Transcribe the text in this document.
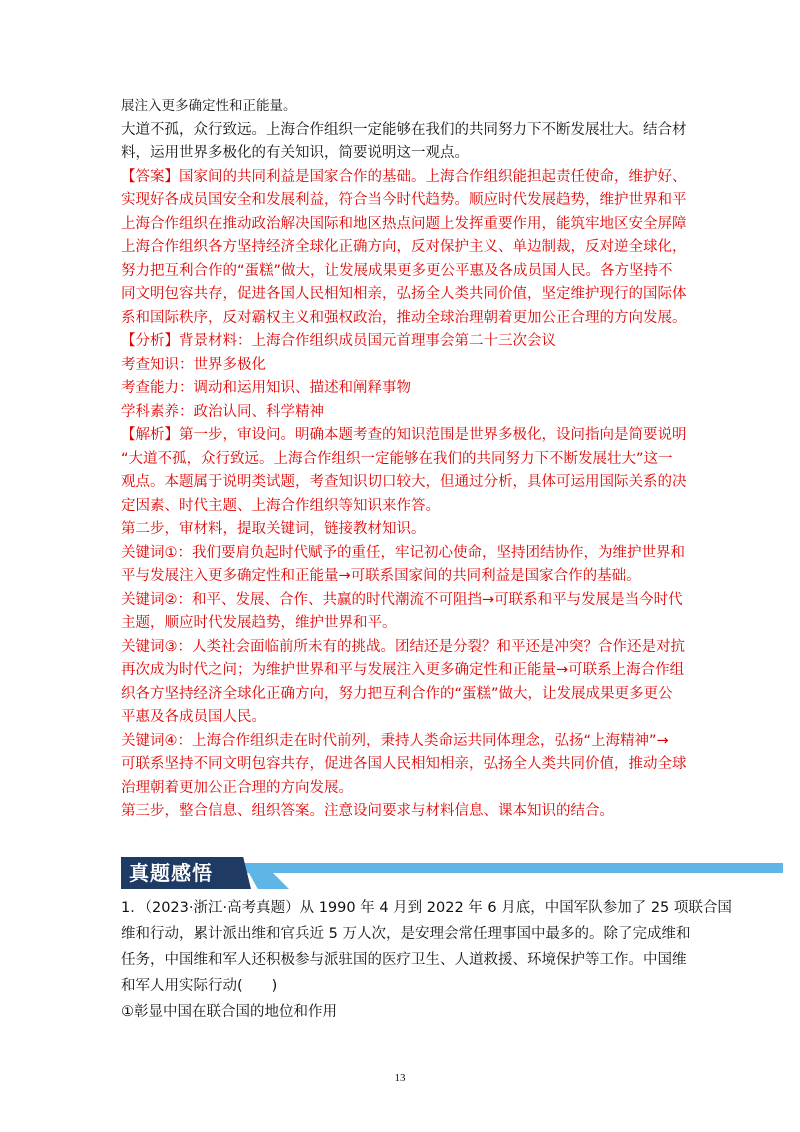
展注入更多确定性和正能量。
大道不孤，众行致远。上海合作组织一定能够在我们的共同努力下不断发展壮大。结合材
料，运用世界多极化的有关知识，简要说明这一观点。
【答案】国家间的共同利益是国家合作的基础。上海合作组织能担起责任使命，维护好、
实现好各成员国安全和发展利益，符合当今时代趋势。顺应时代发展趋势，维护世界和平
上海合作组织在推动政治解决国际和地区热点问题上发挥重要作用，能筑牢地区安全屏障
上海合作组织各方坚持经济全球化正确方向，反对保护主义、单边制裁，反对逆全球化，
努力把互利合作的“蛋糕”做大，让发展成果更多更公平惠及各成员国人民。各方坚持不
同文明包容共存，促进各国人民相知相亲，弘扬全人类共同价值，坚定维护现行的国际体
系和国际秩序，反对霸权主义和强权政治，推动全球治理朝着更加公正合理的方向发展。
【分析】背景材料：上海合作组织成员国元首理事会第二十三次会议
考查知识：世界多极化
考查能力：调动和运用知识、描述和阐释事物
学科素养：政治认同、科学精神
【解析】第一步，审设问。明确本题考查的知识范围是世界多极化，设问指向是简要说明
“大道不孤，众行致远。上海合作组织一定能够在我们的共同努力下不断发展壮大”这一
观点。本题属于说明类试题，考查知识切口较大，但通过分析，具体可运用国际关系的决
定因素、时代主题、上海合作组织等知识来作答。
第二步，审材料，提取关键词，链接教材知识。
关键词①：我们要肩负起时代赋予的重任，牢记初心使命，坚持团结协作，为维护世界和
平与发展注入更多确定性和正能量→可联系国家间的共同利益是国家合作的基础。
关键词②：和平、发展、合作、共赢的时代潮流不可阻挡→可联系和平与发展是当今时代
主题，顺应时代发展趋势，维护世界和平。
关键词③：人类社会面临前所未有的挑战。团结还是分裂？和平还是冲突？合作还是对抗
再次成为时代之问；为维护世界和平与发展注入更多确定性和正能量→可联系上海合作组
织各方坚持经济全球化正确方向，努力把互利合作的“蛋糕”做大，让发展成果更多更公
平惠及各成员国人民。
关键词④：上海合作组织走在时代前列，秉持人类命运共同体理念，弘扬“上海精神”→
可联系坚持不同文明包容共存，促进各国人民相知相亲，弘扬全人类共同价值，推动全球
治理朝着更加公正合理的方向发展。
第三步，整合信息、组织答案。注意设问要求与材料信息、课本知识的结合。
真题感悟
1．（2023·浙江·高考真题）从 1990 年 4 月到 2022 年 6 月底，中国军队参加了 25 项联合国
维和行动，累计派出维和官兵近 5 万人次，是安理会常任理事国中最多的。除了完成维和
任务，中国维和军人还积极参与派驻国的医疗卫生、人道救援、环境保护等工作。中国维
和军人用实际行动(　　)
①彰显中国在联合国的地位和作用
13
